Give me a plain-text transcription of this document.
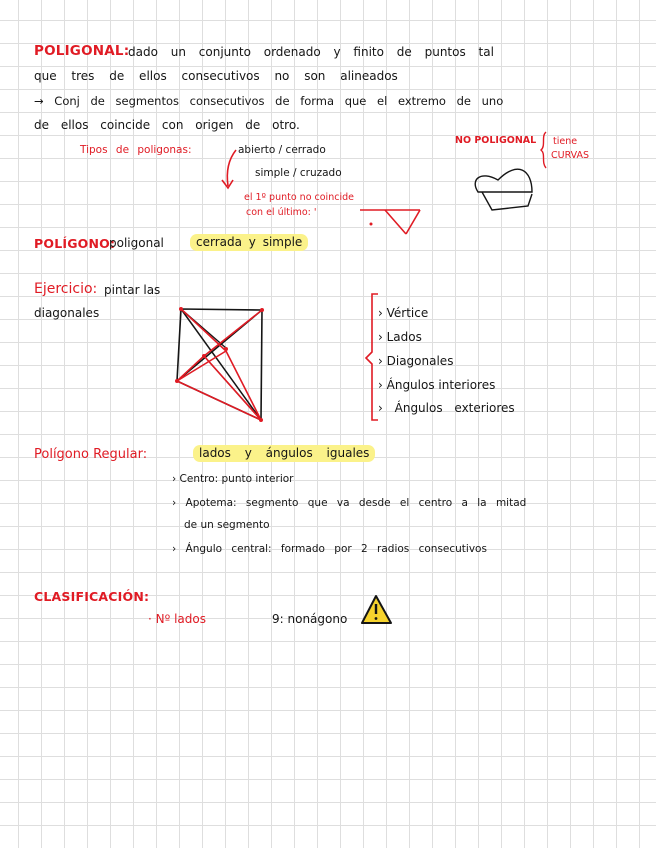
POLIGONAL:
dado un conjunto ordenado y finito de puntos tal
que tres de ellos consecutivos no son alineados
→ Conj de segmentos consecutivos de forma que el extremo de uno
de ellos coincide con origen de otro.
Tipos de poligonas:	abierto / cerrado
simple / cruzado
el 1º punto no coincide
con el último: '
NO POLIGONAL tiene
CURVAS
POLÍGONO:
poligonal	cerrada y simple
Ejercicio: pintar las
diagonales	› Vértice
› Lados
› Diagonales
› Ángulos interiores
› Ángulos exteriores
Polígono Regular:	lados y ángulos iguales
› Centro: punto interior
› Apotema: segmento que va desde el centro a la mitad
de un segmento
› Ángulo central: formado por 2 radios consecutivos
CLASIFICACIÓN:
· Nº lados	9: nonágono
